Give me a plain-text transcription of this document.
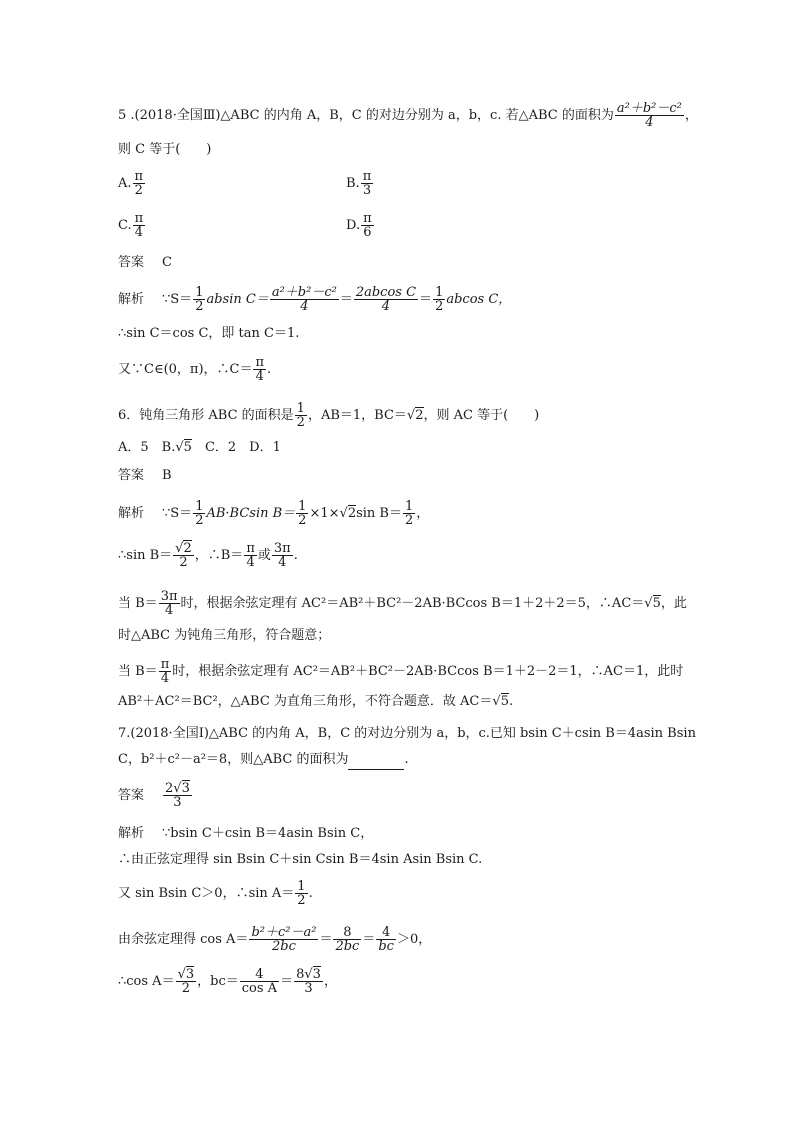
5 .(2018·全国Ⅲ)△ABC 的内角 A，B，C 的对边分别为 a，b，c. 若△ABC 的面积为 $\frac{\text{a²＋b²－c²}}{4}$ ，
则 C 等于(　　)
A. $\frac{\pi}{2}$	B. $\frac{\pi}{3}$
C. $\frac{\pi}{4}$	D. $\frac{\pi}{6}$
答案 C
解析 ∵S＝ $\frac{1}{2}$ absin $C= \frac{\text{a²＋b²－c²}}{4} = \frac{\text{2abcos C}}{4} = \frac{1}{2}$ abcos C，
∴sin C＝cos C，即 tan C＝1.
又∵C∈(0，π)，∴C＝ $\frac{\pi}{4}$ .
6．钝角三角形 ABC 的面积是 $\frac{1}{2}$ ，AB＝1，BC＝√2，则 AC 等于(　　)
A．5　B.√5　C．2　D．1
答案 B
解析 ∵S＝ $\frac{1}{2} AB\cdot BCsin$ $B= \frac{1}{2} \times 1\times√2\sin$ $B= \frac{1}{2}$ ，
∴sin $B= \frac{√2}{2}$ ，∴B＝ $\frac{\pi}{4}$ 或 $\frac{3\pi}{4}$ .
当 $B= \frac{3\pi}{4}$ 时，根据余弦定理有 AC²＝AB²＋BC²－2AB·BCcos B＝1＋2＋2＝5，∴AC＝√5，此
时△ABC 为钝角三角形，符合题意；
当 $B= \frac{\pi}{4}$ 时，根据余弦定理有 AC²＝AB²＋BC²－2AB·BCcos B＝1＋2－2＝1，∴AC＝1，此时
AB²＋AC²＝BC²，△ABC 为直角三角形，不符合题意．故 AC＝√5.
7.(2018·全国Ⅰ)△ABC 的内角 A，B，C 的对边分别为 a，b，c.已知 bsin C＋csin B＝4asin Bsin
C，b²＋c²－a²＝8，则△ABC 的面积为	.
答案 $\frac{2√3}{3}$
解析 ∵bsin C＋csin B＝4asin Bsin C，
∴由正弦定理得 sin Bsin C＋sin Csin B＝4sin Asin Bsin C.
又 sin Bsin C＞0，∴sin $A= \frac{1}{2}$ .
由余弦定理得 $\cos A= \frac{\text{b²＋c²－a²}}{2bc} = \frac{8}{2bc} = \frac{4}{bc} >0$，
∴cos $A= \frac{√3}{2}$ ，$bc= \frac{4}{\text{cos A}} = \frac{8√3}{3}$ ，
